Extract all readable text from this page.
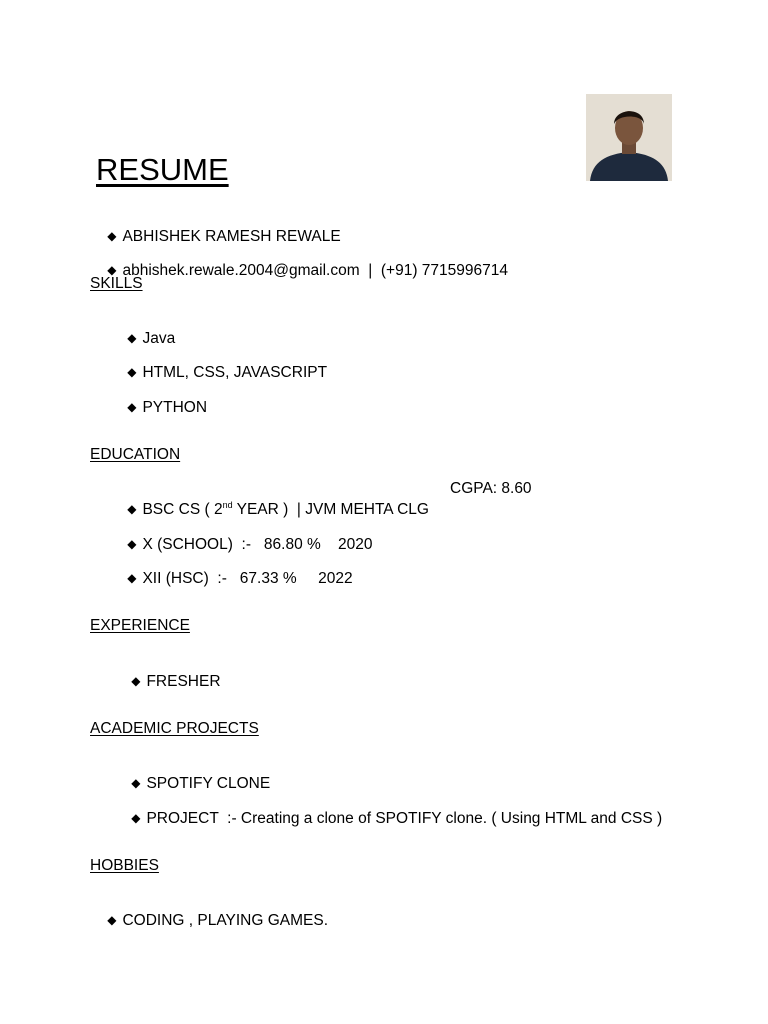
RESUME

◆ ABHISHEK RAMESH REWALE

◆ abhishek.rewale.2004@gmail.com  |  (+91) 7715996714

SKILLS

◆ Java

◆ HTML, CSS, JAVASCRIPT

◆ PYTHON

EDUCATION

◆ BSC CS ( 2nd YEAR )  | JVM MEHTA CLG

CGPA: 8.60

◆ X (SCHOOL)  :-   86.80 %    2020

◆ XII (HSC)  :-   67.33 %     2022

EXPERIENCE

◆ FRESHER

ACADEMIC PROJECTS

◆ SPOTIFY CLONE

◆ PROJECT  :- Creating a clone of SPOTIFY clone. ( Using HTML and CSS )

HOBBIES

◆ CODING , PLAYING GAMES.
